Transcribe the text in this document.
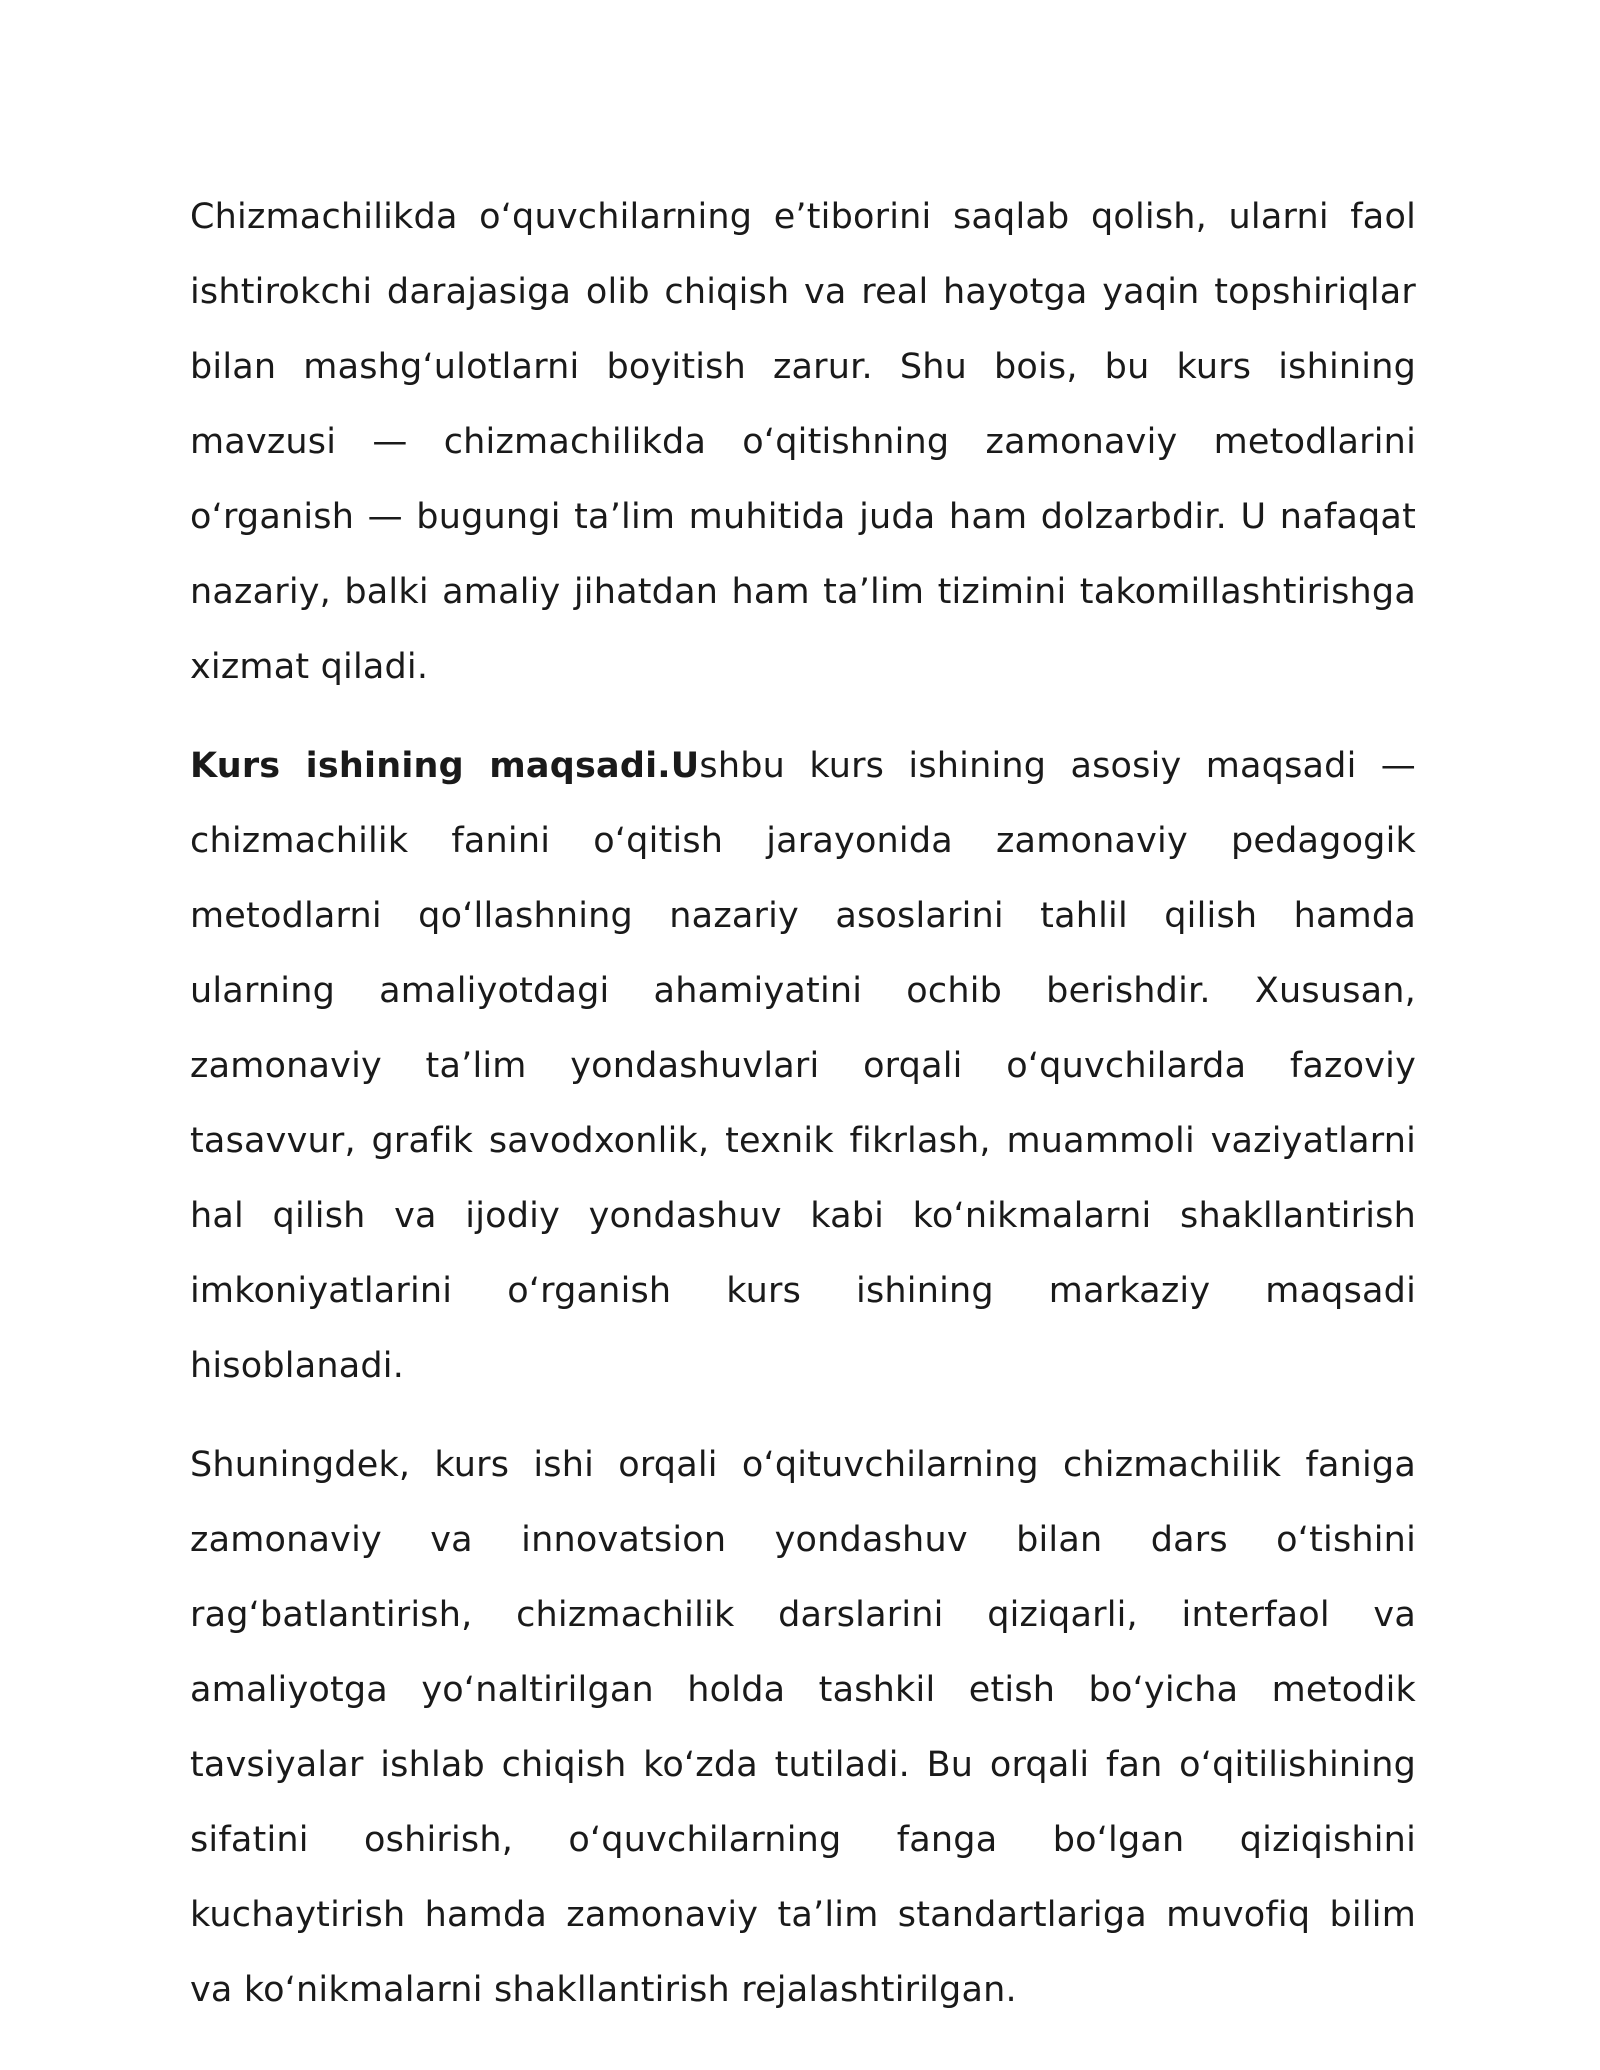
Chizmachilikda o‘quvchilarning e’tiborini saqlab qolish, ularni faol ishtirokchi darajasiga olib chiqish va real hayotga yaqin topshiriqlar bilan mashg‘ulotlarni boyitish zarur. Shu bois, bu kurs ishining mavzusi — chizmachilikda o‘qitishning zamonaviy metodlarini o‘rganish — bugungi ta’lim muhitida juda ham dolzarbdir. U nafaqat nazariy, balki amaliy jihatdan ham ta’lim tizimini takomillashtirishga xizmat qiladi.

Kurs ishining maqsadi.Ushbu kurs ishining asosiy maqsadi — chizmachilik fanini o‘qitish jarayonida zamonaviy pedagogik metodlarni qo‘llashning nazariy asoslarini tahlil qilish hamda ularning amaliyotdagi ahamiyatini ochib berishdir. Xususan, zamonaviy ta’lim yondashuvlari orqali o‘quvchilarda fazoviy tasavvur, grafik savodxonlik, texnik fikrlash, muammoli vaziyatlarni hal qilish va ijodiy yondashuv kabi ko‘nikmalarni shakllantirish imkoniyatlarini o‘rganish kurs ishining markaziy maqsadi hisoblanadi.

Shuningdek, kurs ishi orqali o‘qituvchilarning chizmachilik faniga zamonaviy va innovatsion yondashuv bilan dars o‘tishini rag‘batlantirish, chizmachilik darslarini qiziqarli, interfaol va amaliyotga yo‘naltirilgan holda tashkil etish bo‘yicha metodik tavsiyalar ishlab chiqish ko‘zda tutiladi. Bu orqali fan o‘qitilishining sifatini oshirish, o‘quvchilarning fanga bo‘lgan qiziqishini kuchaytirish hamda zamonaviy ta’lim standartlariga muvofiq bilim va ko‘nikmalarni shakllantirish rejalashtirilgan.
